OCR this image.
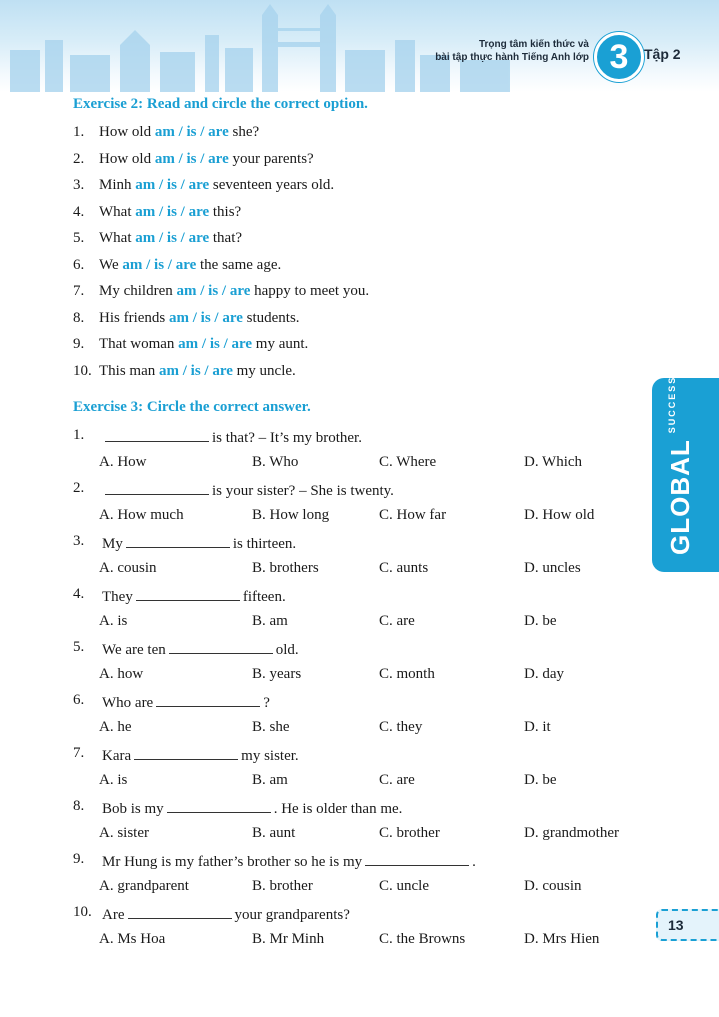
Trọng tâm kiến thức và
bài tập thực hành Tiếng Anh lớp 3	Tập 2
Exercise 2: Read and circle the correct option.
1. How old am / is / are she?
2. How old am / is / are your parents?
3. Minh am / is / are seventeen years old.
4. What am / is / are this?
5. What am / is / are that?
6. We am / is / are the same age.
7. My children am / is / are happy to meet you.
8. His friends am / is / are students.
9. That woman am / is / are my aunt.
10. This man am / is / are my uncle.
Exercise 3: Circle the correct answer.
1.	is that? – It’s my brother.
A. How	B. Who	C. Where	D. Which
2.	is your sister? – She is twenty.
A. How much	B. How long	C. How far	D. How old
3. My	is thirteen.
A. cousin	B. brothers	C. aunts	D. uncles
4. They	fifteen.
A. is	B. am	C. are	D. be
5. We are ten	old.
A. how	B. years	C. month	D. day
6. Who are	?
A. he	B. she	C. they	D. it
7. Kara	my sister.
A. is	B. am	C. are	D. be
8. Bob is my	. He is older than me.
A. sister	B. aunt	C. brother	D. grandmother
9. Mr Hung is my father’s brother so he is my	.
A. grandparent	B. brother	C. uncle	D. cousin
10. Are	your grandparents?
A. Ms Hoa	B. Mr Minh	C. the Browns	D. Mrs Hien
$GLOBAL^{SUCCESS}$
13
